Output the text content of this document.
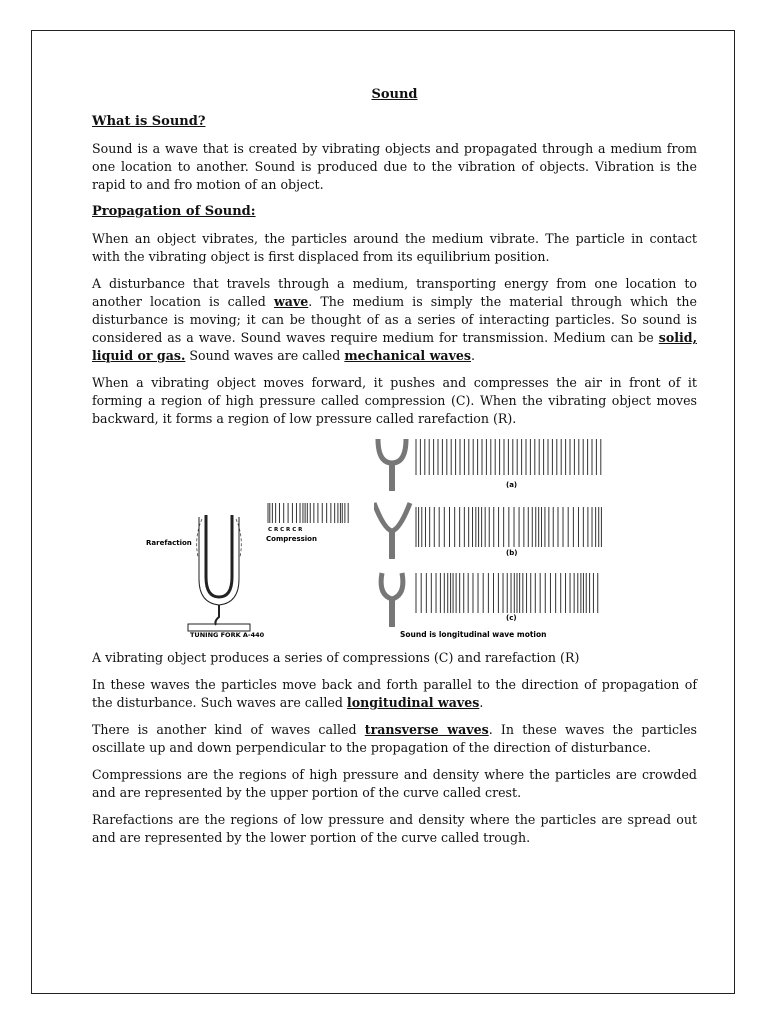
Sound
What is Sound?

Sound is a wave that is created by vibrating objects and propagated through a medium from one location to another. Sound is produced due to the vibration of objects. Vibration is the rapid to and fro motion of an object.

Propagation of Sound:

When an object vibrates, the particles around the medium vibrate. The particle in contact with the vibrating object is first displaced from its equilibrium position.

A disturbance that travels through a medium, transporting energy from one location to another location is called wave. The medium is simply the material through which the disturbance is moving; it can be thought of as a series of interacting particles. So sound is considered as a wave. Sound waves require medium for transmission. Medium can be solid, liquid or gas. Sound waves are called mechanical waves.

When a vibrating object moves forward, it pushes and compresses the air in front of it forming a region of high pressure called compression (C). When the vibrating object moves backward, it forms a region of low pressure called rarefaction (R).

Rarefaction	Compression
TUNING FORK A-440
C R C R C R
(a)
(b)
(c)
Sound is longitudinal wave motion

A vibrating object produces a series of compressions (C) and rarefaction (R)

In these waves the particles move back and forth parallel to the direction of propagation of the disturbance. Such waves are called longitudinal waves.

There is another kind of waves called transverse waves. In these waves the particles oscillate up and down perpendicular to the propagation of the direction of disturbance.

Compressions are the regions of high pressure and density where the particles are crowded and are represented by the upper portion of the curve called crest.

Rarefactions are the regions of low pressure and density where the particles are spread out and are represented by the lower portion of the curve called trough.
